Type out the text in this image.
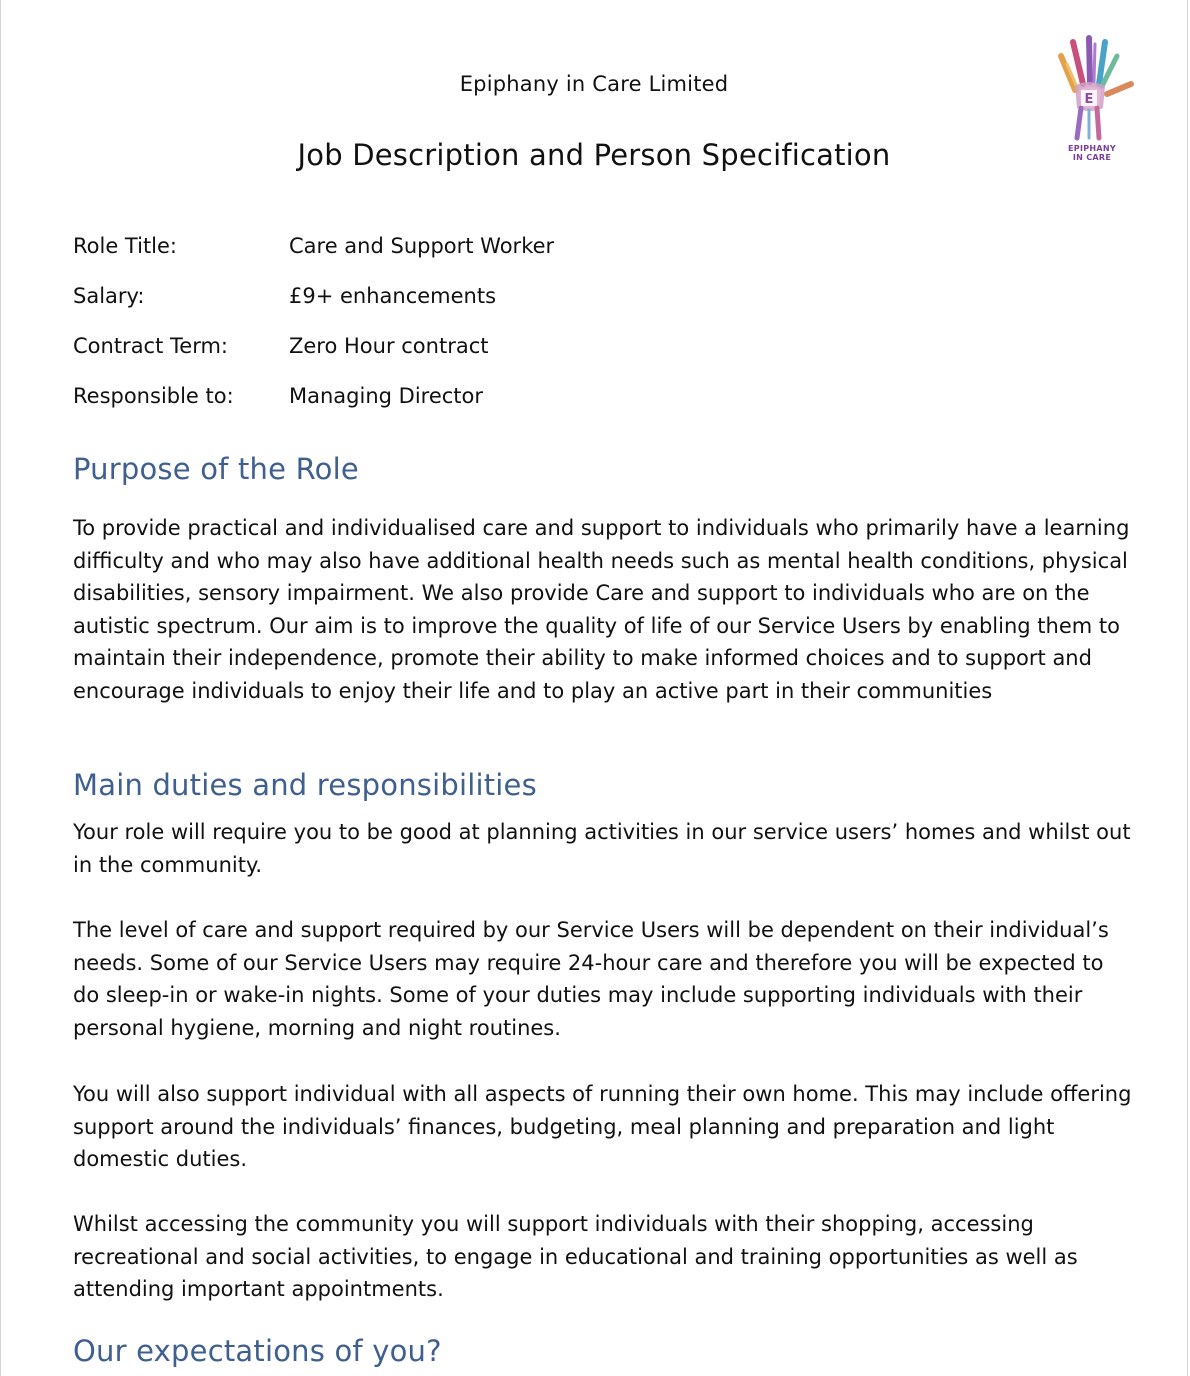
Epiphany in Care Limited
Job Description and Person Specification
E
EPIPHANY
IN CARE
Role Title:	Care and Support Worker
Salary:	£9+ enhancements
Contract Term:	Zero Hour contract
Responsible to:	Managing Director
Purpose of the Role

To provide practical and individualised care and support to individuals who primarily have a learning difficulty and who may also have additional health needs such as mental health conditions, physical disabilities, sensory impairment. We also provide Care and support to individuals who are on the autistic spectrum. Our aim is to improve the quality of life of our Service Users by enabling them to maintain their independence, promote their ability to make informed choices and to support and encourage individuals to enjoy their life and to play an active part in their communities

Main duties and responsibilities

Your role will require you to be good at planning activities in our service users’ homes and whilst out in the community.

The level of care and support required by our Service Users will be dependent on their individual’s needs. Some of our Service Users may require 24-hour care and therefore you will be expected to do sleep-in or wake-in nights. Some of your duties may include supporting individuals with their personal hygiene, morning and night routines.

You will also support individual with all aspects of running their own home. This may include offering support around the individuals’ finances, budgeting, meal planning and preparation and light domestic duties.

Whilst accessing the community you will support individuals with their shopping, accessing recreational and social activities, to engage in educational and training opportunities as well as attending important appointments.

Our expectations of you?
